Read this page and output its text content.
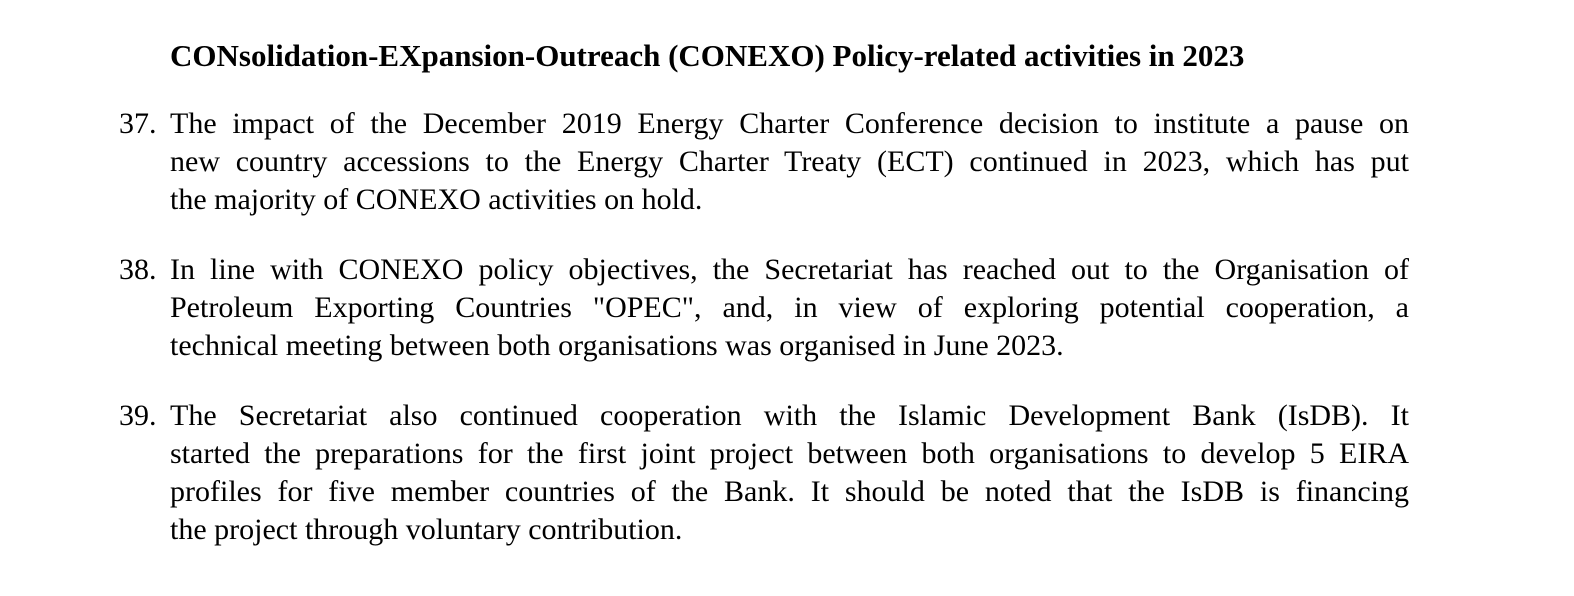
CONsolidation-EXpansion-Outreach (CONEXO) Policy-related activities in 2023
37. The impact of the December 2019 Energy Charter Conference decision to institute a pause on
new country accessions to the Energy Charter Treaty (ECT) continued in 2023, which has put
the majority of CONEXO activities on hold.
38. In line with CONEXO policy objectives, the Secretariat has reached out to the Organisation of
Petroleum Exporting Countries "OPEC", and, in view of exploring potential cooperation, a
technical meeting between both organisations was organised in June 2023.
39. The Secretariat also continued cooperation with the Islamic Development Bank (IsDB). It
started the preparations for the first joint project between both organisations to develop 5 EIRA
profiles for five member countries of the Bank. It should be noted that the IsDB is financing
the project through voluntary contribution.
